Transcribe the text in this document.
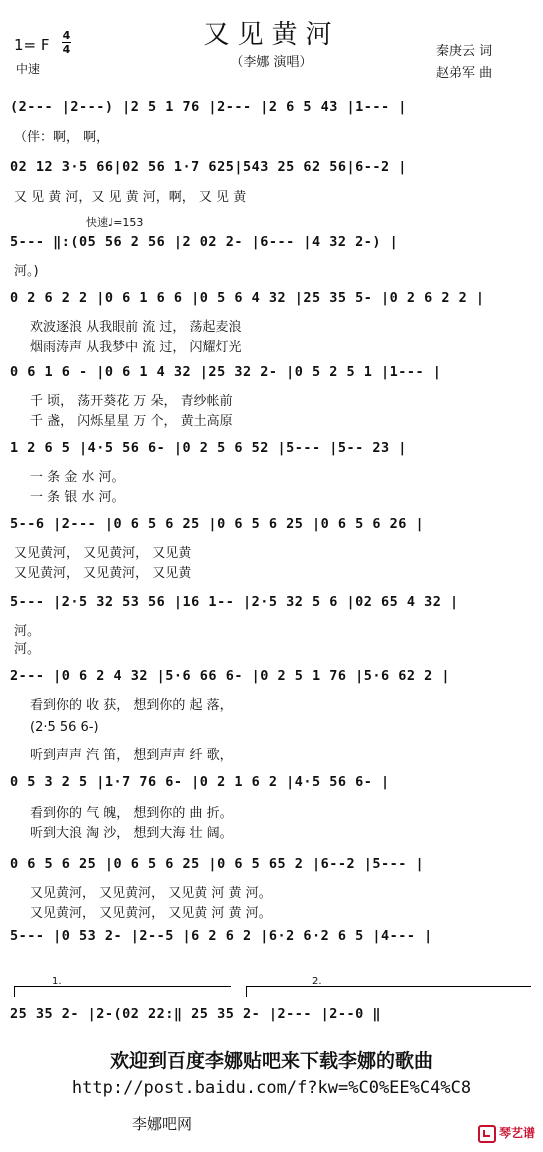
又见黄河
（李娜 演唱）
1= F
4
4
中速
秦庚云 词
赵弟军 曲
快速♩=153
(2--- |2---) |2 5 1 76 |2--- |2 6 5 43 |1--- |
（伴：啊， 啊，
02 12 3·5 66|02 56 1·7 625|543 25 62 56|6--2 |
又 见 黄 河，又 见 黄 河，啊， 又 见 黄
5--- ‖:(05 56 2 56 |2 02 2- |6--- |4 32 2-) |
河。)
0 2 6 2 2 |0 6 1 6 6 |0 5 6 4 32 |25 35 5- |0 2 6 2 2 |
欢波逐浪 从我眼前 流 过， 荡起麦浪
烟雨涛声 从我梦中 流 过， 闪耀灯光
0 6 1 6 - |0 6 1 4 32 |25 32 2- |0 5 2 5 1 |1--- |
千 顷， 荡开葵花 万 朵， 青纱帐前
千 盏， 闪烁星星 万 个， 黄土高原
1 2 6 5 |4·5 56 6- |0 2 5 6 52 |5--- |5-- 23 |
一 条 金 水 河。
一 条 银 水 河。
5--6 |2--- |0 6 5 6 25 |0 6 5 6 25 |0 6 5 6 26 |
又见黄河， 又见黄河， 又见黄
又见黄河， 又见黄河， 又见黄
5--- |2·5 32 53 56 |16 1-- |2·5 32 5 6 |02 65 4 32 |
河。
河。
2--- |0 6 2 4 32 |5·6 66 6- |0 2 5 1 76 |5·6 62 2 |
看到你的 收 获， 想到你的 起 落，
(2·5 56 6-)
听到声声 汽 笛， 想到声声 纤 歌，
0 5 3 2 5 |1·7 76 6- |0 2 1 6 2 |4·5 56 6- |
看到你的 气 魄， 想到你的 曲 折。
听到大浪 淘 沙， 想到大海 壮 阔。
0 6 5 6 25 |0 6 5 6 25 |0 6 5 65 2 |6--2 |5--- |
又见黄河， 又见黄河， 又见黄 河 黄 河。
又见黄河， 又见黄河， 又见黄 河 黄 河。
5--- |0 53 2- |2--5 |6 2 6 2 |6·2 6·2 6 5 |4--- |
1.	2.
25 35 2- |2-(02 22:‖ 25 35 2- |2--- |2--0 ‖
欢迎到百度李娜贴吧来下载李娜的歌曲
http://post.baidu.com/f?kw=%C0%EE%C4%C8
李娜吧网	琴艺谱
